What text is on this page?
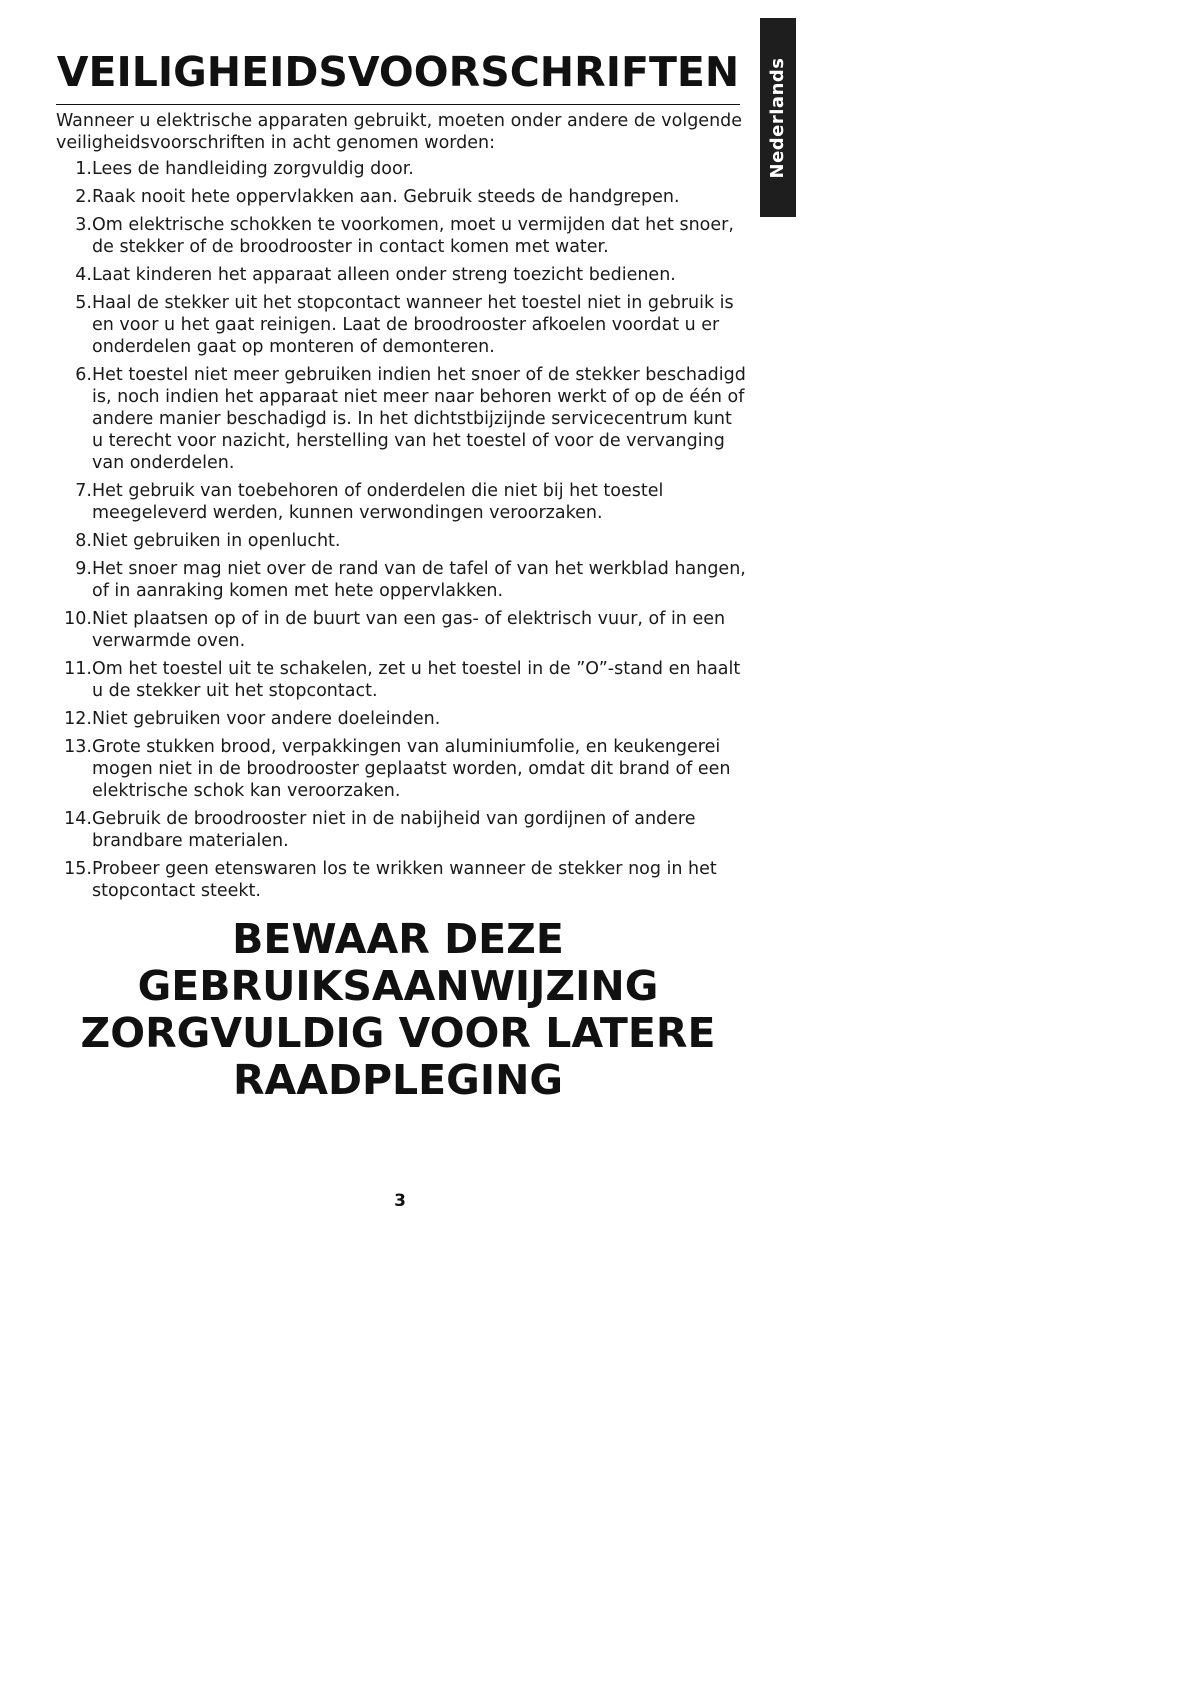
Nederlands
VEILIGHEIDSVOORSCHRIFTEN

Wanneer u elektrische apparaten gebruikt, moeten onder andere de volgende veiligheidsvoorschriften in acht genomen worden:

1. Lees de handleiding zorgvuldig door.
2. Raak nooit hete oppervlakken aan. Gebruik steeds de handgrepen.
3. Om elektrische schokken te voorkomen, moet u vermijden dat het snoer, de stekker of de broodrooster in contact komen met water.
4. Laat kinderen het apparaat alleen onder streng toezicht bedienen.
5. Haal de stekker uit het stopcontact wanneer het toestel niet in gebruik is en voor u het gaat reinigen. Laat de broodrooster afkoelen voordat u er onderdelen gaat op monteren of demonteren.
6. Het toestel niet meer gebruiken indien het snoer of de stekker beschadigd is, noch indien het apparaat niet meer naar behoren werkt of op de één of andere manier beschadigd is. In het dichtstbijzijnde servicecentrum kunt u terecht voor nazicht, herstelling van het toestel of voor de vervanging van onderdelen.
7. Het gebruik van toebehoren of onderdelen die niet bij het toestel meegeleverd werden, kunnen verwondingen veroorzaken.
8. Niet gebruiken in openlucht.
9. Het snoer mag niet over de rand van de tafel of van het werkblad hangen, of in aanraking komen met hete oppervlakken.
10. Niet plaatsen op of in de buurt van een gas- of elektrisch vuur, of in een verwarmde oven.
11. Om het toestel uit te schakelen, zet u het toestel in de ”O”-stand en haalt u de stekker uit het stopcontact.
12. Niet gebruiken voor andere doeleinden.
13. Grote stukken brood, verpakkingen van aluminiumfolie, en keukengerei mogen niet in de broodrooster geplaatst worden, omdat dit brand of een elektrische schok kan veroorzaken.
14. Gebruik de broodrooster niet in de nabijheid van gordijnen of andere brandbare materialen.
15. Probeer geen etenswaren los te wrikken wanneer de stekker nog in het stopcontact steekt.
BEWAAR DEZE
GEBRUIKSAANWIJZING
ZORGVULDIG VOOR LATERE
RAADPLEGING
3
